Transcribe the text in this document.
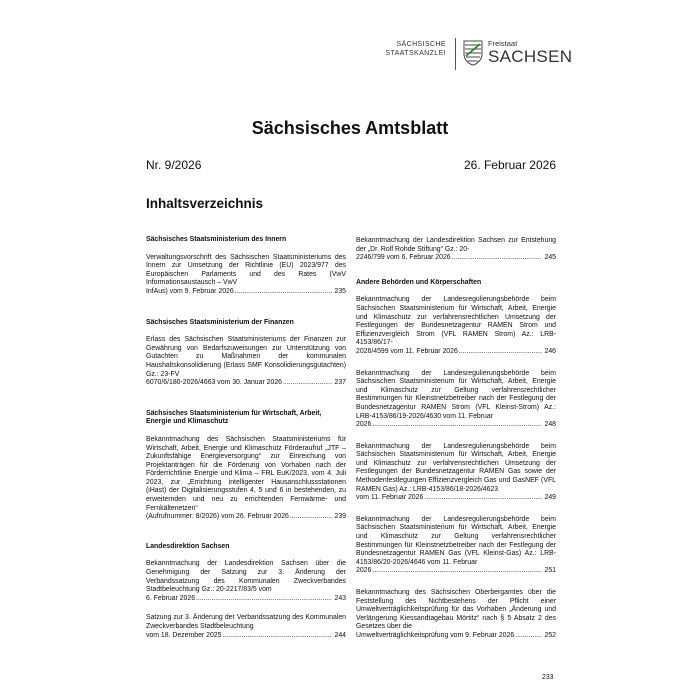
SÄCHSISCHE
STAATSKANZLEI
Freistaat
SACHSEN
Sächsisches Amtsblatt
Nr. 9/2026	26. Februar 2026
Inhaltsverzeichnis

Sächsisches Staatsministerium des Innern

Verwaltungsvorschrift des Sächsischen Staatsministeriums des Innern zur Umsetzung der Richtlinie (EU) 2023/977 des Europäischen Parlaments und des Rates (VwV Informationsaustausch – VwV
InfAus) vom 9. Februar 2026 .....	235

Sächsisches Staatsministerium der Finanzen

Erlass des Sächsischen Staatsministeriums der Finanzen zur Gewährung von Bedarfszuweisungen zur Unterstützung von Gutachten zu Maßnahmen der kommunalen Haushaltskonsolidierung (Erlass SMF Konsolidierungsgutachten) Gz.: 23-FV
6070/6/180-2026/4663 vom 30. Januar 2026 .....	237

Sächsisches Staatsministerium für Wirtschaft, Arbeit, Energie und Klimaschutz

Bekanntmachung des Sächsischen Staatsministeriums für Wirtschaft, Arbeit, Energie und Klimaschutz Förderaufruf „JTF – Zukunftsfähige Energieversorgung“ zur Einreichung von Projektanträgen für die Förderung von Vorhaben nach der Förderrichtlinie Energie und Klima – FRL EuK/2023, vom 4. Juli 2023, zur „Errichtung intelligenter Hausanschlussstationen (iHast) der Digitalisierungsstufen 4, 5 und 6 in bestehenden, zu erweiternden und neu zu errichtenden Fernwärme- und Fernkältenetzen“
(Aufrufnummer: 8/2026) vom 26. Februar 2026 .....	239

Landesdirektion Sachsen

Bekanntmachung der Landesdirektion Sachsen über die Genehmigung der Satzung zur 3. Änderung der Verbandssatzung des Kommunalen Zweckverbandes Stadtbeleuchtung Gz.: 20-2217/83/5 vom
6. Februar 2026 .....	243
Satzung zur 3. Änderung der Verbandssatzung des Kommunalen Zweckverbandes Stadtbeleuchtung
vom 18. Dezember 2025 .....	244
Bekanntmachung der Landesdirektion Sachsen zur Entstehung der „Dr. Rolf Rohde Stiftung“ Gz.: 20-
2246/799 vom 6. Februar 2026 .....	245

Andere Behörden und Körperschaften

Bekanntmachung der Landesregulierungsbehörde beim Sächsischen Staatsministerium für Wirtschaft, Arbeit, Energie und Klimaschutz zur verfahrensrechtlichen Umsetzung der Festlegungen der Bundesnetzagentur RAMEN Strom und Effizienzvergleich Strom (VFL RAMEN Strom) Az.: LRB-4153/86/17-
2026/4599 vom 11. Februar 2026 .....	246
Bekanntmachung der Landesregulierungsbehörde beim Sächsischen Staatsministerium für Wirtschaft, Arbeit, Energie und Klimaschutz zur Geltung verfahrensrechtlicher Bestimmungen für Kleinstnetzbetreiber nach der Festlegung der Bundesnetzagentur RAMEN Strom (VFL Kleinst-Strom) Az.: LRB-4153/86/19-2026/4630 vom 11. Februar
2026 .....	248
Bekanntmachung der Landesregulierungsbehörde beim Sächsischen Staatsministerium für Wirtschaft, Arbeit, Energie und Klimaschutz zur verfahrensrechtlichen Umsetzung der Festlegungen der Bundesnetzagentur RAMEN Gas sowie der Methodenfestlegungen Effizienzvergleich Gas und GasNEF (VFL RAMEN Gas) Az.: LRB-4153/86/18-2026/4623
vom 11. Februar 2026 .....	249
Bekanntmachung der Landesregulierungsbehörde beim Sächsischen Staatsministerium für Wirtschaft, Arbeit, Energie und Klimaschutz zur Geltung verfahrensrechtlicher Bestimmungen für Kleinstnetzbetreiber nach der Festlegung der Bundesnetzagentur RAMEN Gas (VFL Kleinst-Gas) Az.: LRB-4153/86/20-2026/4646 vom 11. Februar
2026 .....	251
Bekanntmachung des Sächsischen Oberbergamtes über die Feststellung des Nichtbestehens der Pflicht einer Umweltverträglichkeitsprüfung für das Vorhaben „Änderung und Verlängerung Kiessandtagebau Mörtitz“ nach § 5 Absatz 2 des Gesetzes über die
Umweltverträglichkeitsprüfung vom 9. Februar 2026 .....	252
233
